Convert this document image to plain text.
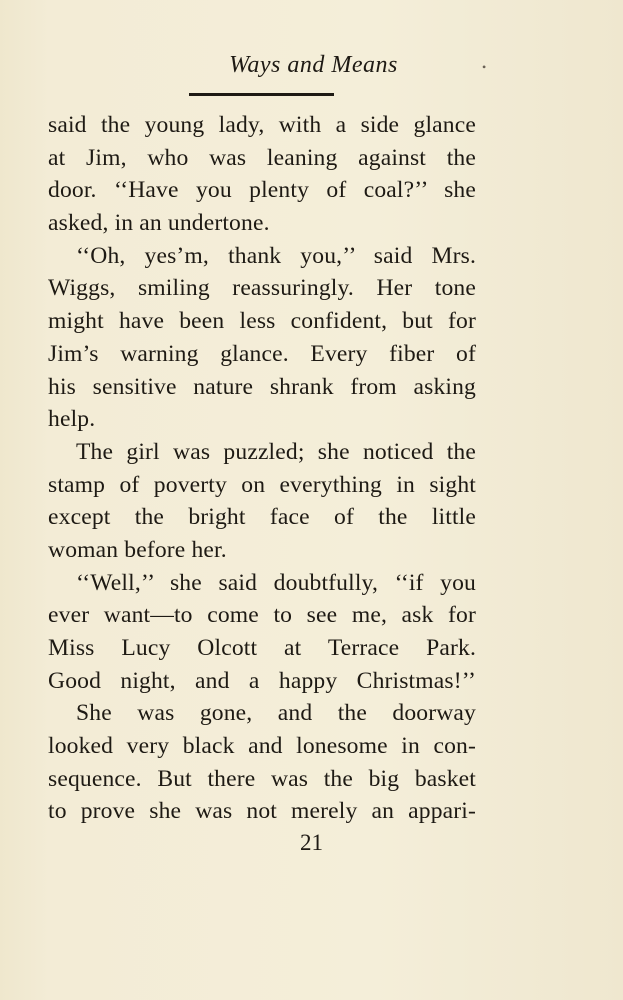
Ways and Means	•
said the young lady, with a side glance
at Jim, who was leaning against the
door. ‘‘Have you plenty of coal?’’ she
asked, in an undertone.
‘‘Oh, yes’m, thank you,’’ said Mrs.
Wiggs, smiling reassuringly. Her tone
might have been less confident, but for
Jim’s warning glance. Every fiber of
his sensitive nature shrank from asking
help.
The girl was puzzled; she noticed the
stamp of poverty on everything in sight
except the bright face of the little
woman before her.
‘‘Well,’’ she said doubtfully, ‘‘if you
ever want—to come to see me, ask for
Miss Lucy Olcott at Terrace Park.
Good night, and a happy Christmas!’’
She was gone, and the doorway
looked very black and lonesome in con-
sequence. But there was the big basket
to prove she was not merely an appari-
21
